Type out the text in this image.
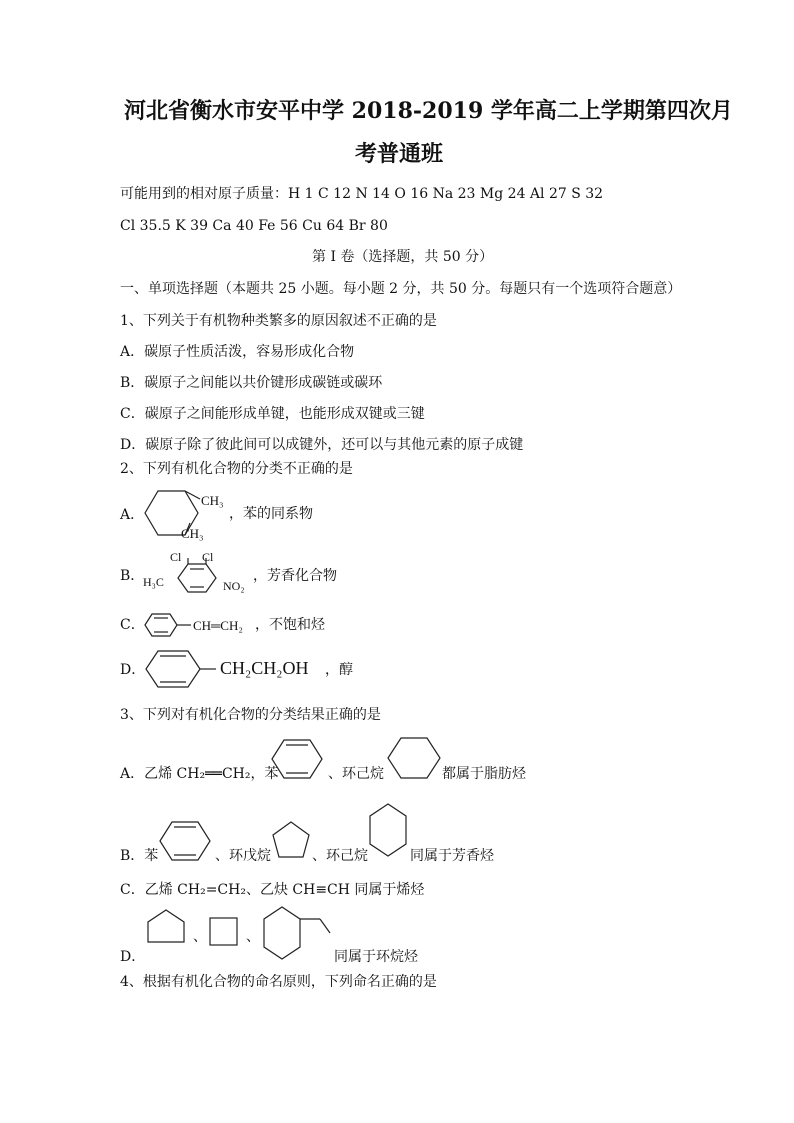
河北省衡水市安平中学 2018-2019 学年高二上学期第四次月
考普通班
可能用到的相对原子质量：H 1 C 12 N 14 O 16 Na 23 Mg 24 Al 27 S 32
Cl 35.5 K 39 Ca 40 Fe 56 Cu 64 Br 80
第 I 卷（选择题，共 50 分）
一、单项选择题（本题共 25 小题。每小题 2 分，共 50 分。每题只有一个选项符合题意）
1、下列关于有机物种类繁多的原因叙述不正确的是
A．碳原子性质活泼，容易形成化合物
B．碳原子之间能以共价键形成碳链或碳环
C．碳原子之间能形成单键，也能形成双键或三键
D．碳原子除了彼此间可以成键外，还可以与其他元素的原子成键
2、下列有机化合物的分类不正确的是
A．
CH₃
CH₃
，苯的同系物
B．
Cl Cl
H₃C	NO₂
，芳香化合物
C．	CH═CH₂ ，不饱和烃
D．	CH₂CH₂OH ，醇
3、下列对有机化合物的分类结果正确的是
A．乙烯 CH₂══CH₂，苯	、环己烷	都属于脂肪烃
B．苯	、环戊烷	、环己烷	同属于芳香烃
C．乙烯 CH₂=CH₂、乙炔 CH≡CH 同属于烯烃
D．
、	、
同属于环烷烃
4、根据有机化合物的命名原则，下列命名正确的是
